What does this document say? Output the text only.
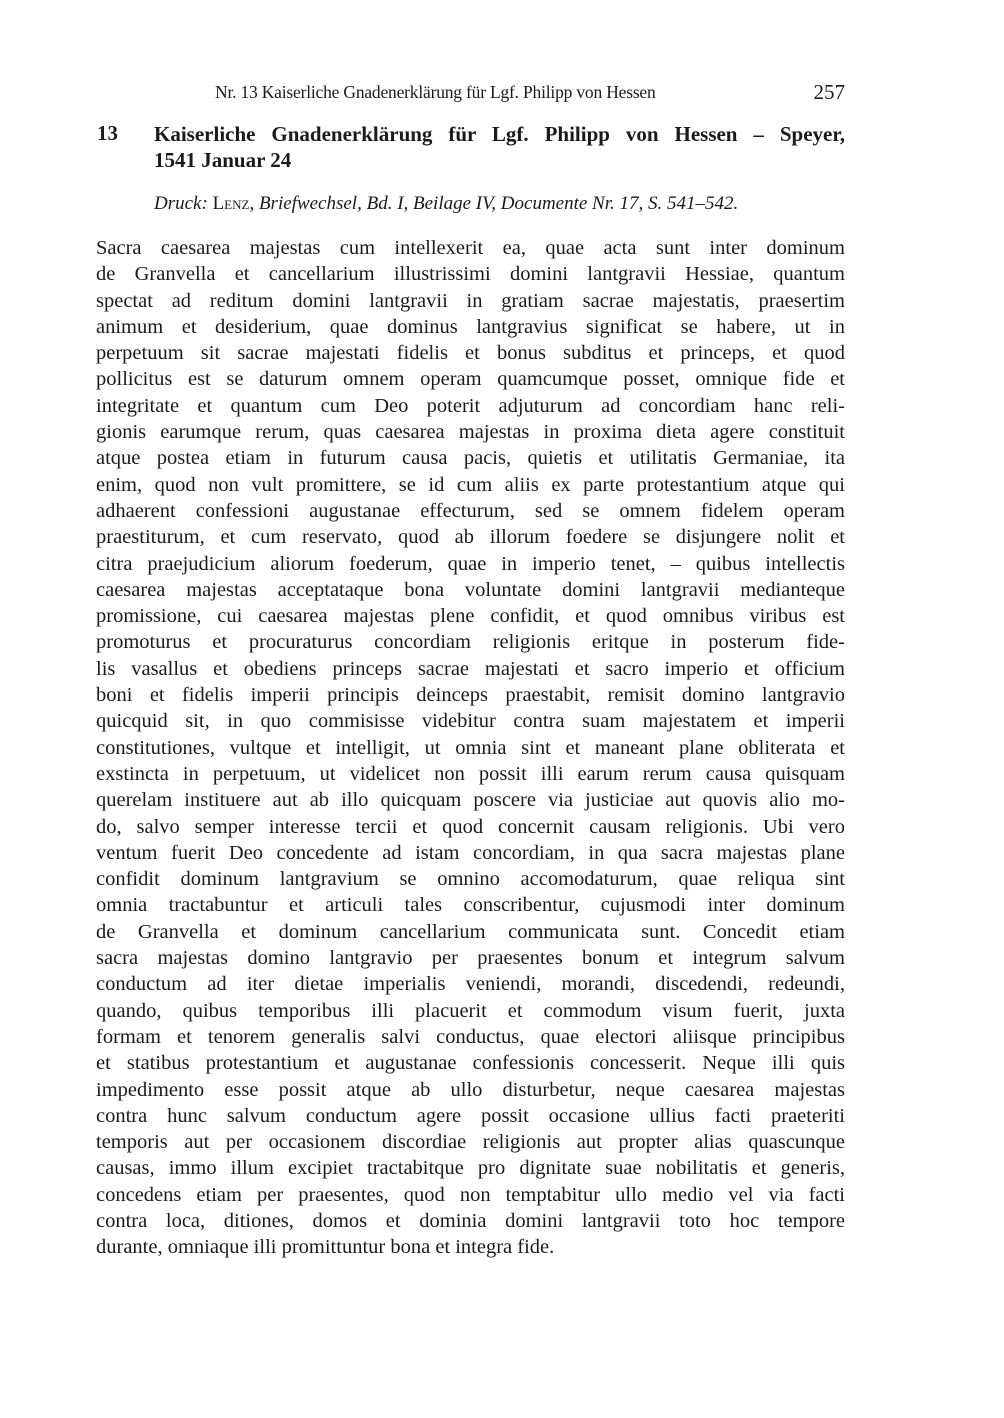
Nr. 13 Kaiserliche Gnadenerklärung für Lgf. Philipp von Hessen	257
13 Kaiserliche Gnadenerklärung für Lgf. Philipp von Hessen – Speyer,
1541 Januar 24

Druck: Lenz, Briefwechsel, Bd. I, Beilage IV, Documente Nr. 17, S. 541–542.

Sacra caesarea majestas cum intellexerit ea, quae acta sunt inter dominum
de Granvella et cancellarium illustrissimi domini lantgravii Hessiae, quantum
spectat ad reditum domini lantgravii in gratiam sacrae majestatis, praesertim
animum et desiderium, quae dominus lantgravius significat se habere, ut in
perpetuum sit sacrae majestati fidelis et bonus subditus et princeps, et quod
pollicitus est se daturum omnem operam quamcumque posset, omnique fide et
integritate et quantum cum Deo poterit adjuturum ad concordiam hanc reli-
gionis earumque rerum, quas caesarea majestas in proxima dieta agere constituit
atque postea etiam in futurum causa pacis, quietis et utilitatis Germaniae, ita
enim, quod non vult promittere, se id cum aliis ex parte protestantium atque qui
adhaerent confessioni augustanae effecturum, sed se omnem fidelem operam
praestiturum, et cum reservato, quod ab illorum foedere se disjungere nolit et
citra praejudicium aliorum foederum, quae in imperio tenet, – quibus intellectis
caesarea majestas acceptataque bona voluntate domini lantgravii medianteque
promissione, cui caesarea majestas plene confidit, et quod omnibus viribus est
promoturus et procuraturus concordiam religionis eritque in posterum fide-
lis vasallus et obediens princeps sacrae majestati et sacro imperio et officium
boni et fidelis imperii principis deinceps praestabit, remisit domino lantgravio
quicquid sit, in quo commisisse videbitur contra suam majestatem et imperii
constitutiones, vultque et intelligit, ut omnia sint et maneant plane obliterata et
exstincta in perpetuum, ut videlicet non possit illi earum rerum causa quisquam
querelam instituere aut ab illo quicquam poscere via justiciae aut quovis alio mo-
do, salvo semper interesse tercii et quod concernit causam religionis. Ubi vero
ventum fuerit Deo concedente ad istam concordiam, in qua sacra majestas plane
confidit dominum lantgravium se omnino accomodaturum, quae reliqua sint
omnia tractabuntur et articuli tales conscribentur, cujusmodi inter dominum
de Granvella et dominum cancellarium communicata sunt. Concedit etiam
sacra majestas domino lantgravio per praesentes bonum et integrum salvum
conductum ad iter dietae imperialis veniendi, morandi, discedendi, redeundi,
quando, quibus temporibus illi placuerit et commodum visum fuerit, juxta
formam et tenorem generalis salvi conductus, quae electori aliisque principibus
et statibus protestantium et augustanae confessionis concesserit. Neque illi quis
impedimento esse possit atque ab ullo disturbetur, neque caesarea majestas
contra hunc salvum conductum agere possit occasione ullius facti praeteriti
temporis aut per occasionem discordiae religionis aut propter alias quascunque
causas, immo illum excipiet tractabitque pro dignitate suae nobilitatis et generis,
concedens etiam per praesentes, quod non temptabitur ullo medio vel via facti
contra loca, ditiones, domos et dominia domini lantgravii toto hoc tempore
durante, omniaque illi promittuntur bona et integra fide.
